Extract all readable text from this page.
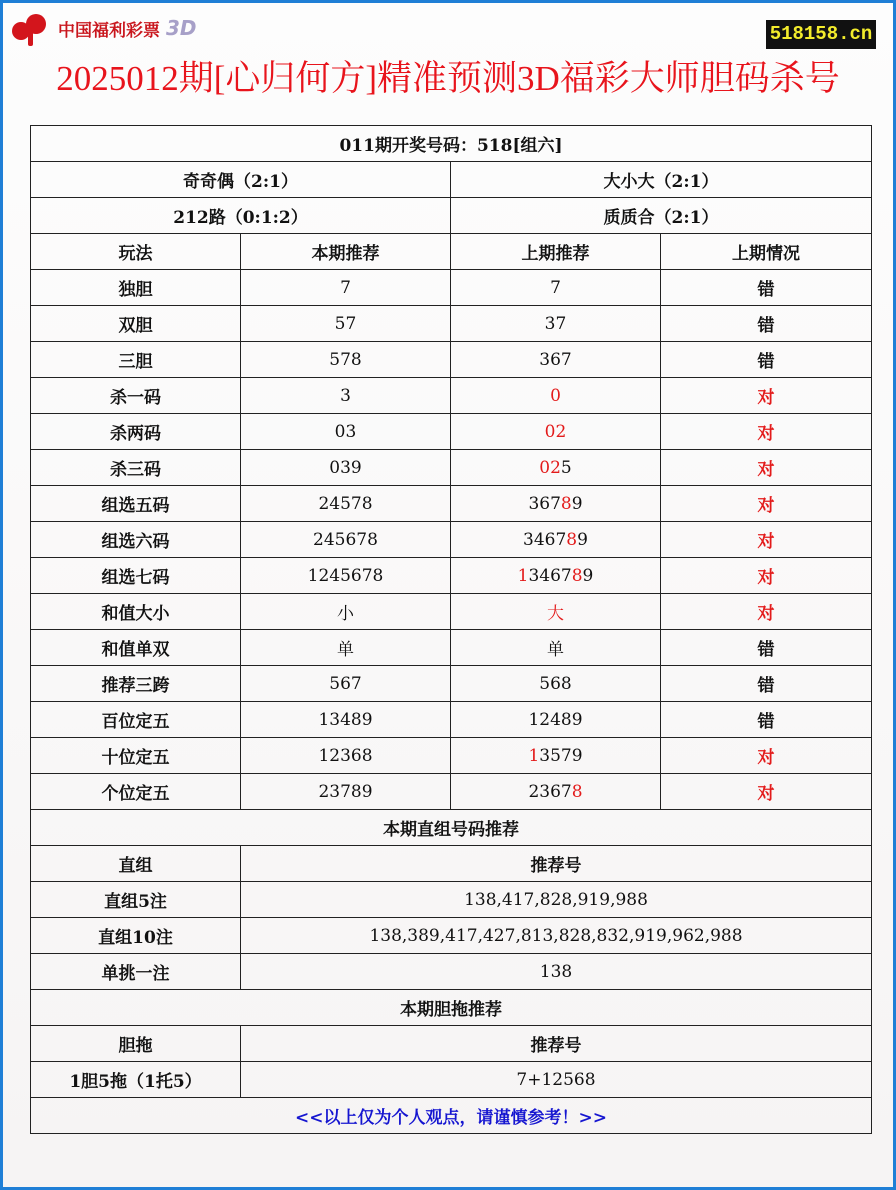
中国福利彩票 3D	518158.cn
2025012期[心归何方]精准预测3D福彩大师胆码杀号
011期开奖号码：518[组六]			
奇奇偶（2:1）		大小大（2:1）	
212路（0:1:2）		质质合（2:1）	
玩法	本期推荐	上期推荐	上期情况
独胆	7	7	错
双胆	57	37	错
三胆	578	367	错
杀一码	3	0	对
杀两码	03	02	对
杀三码	039	025	对
组选五码	24578	36789	对
组选六码	245678	346789	对
组选七码	1245678	1346789	对
和值大小	小	大	对
和值单双	单	单	错
推荐三跨	567	568	错
百位定五	13489	12489	错
十位定五	12368	13579	对
个位定五	23789	23678	对
本期直组号码推荐			
直组	推荐号		
直组5注	138,417,828,919,988		
直组10注	138,389,417,427,813,828,832,919,962,988		
单挑一注	138		
本期胆拖推荐			
胆拖	推荐号		
1胆5拖（1托5）	7+12568		
<<以上仅为个人观点，请谨慎参考！>>			
